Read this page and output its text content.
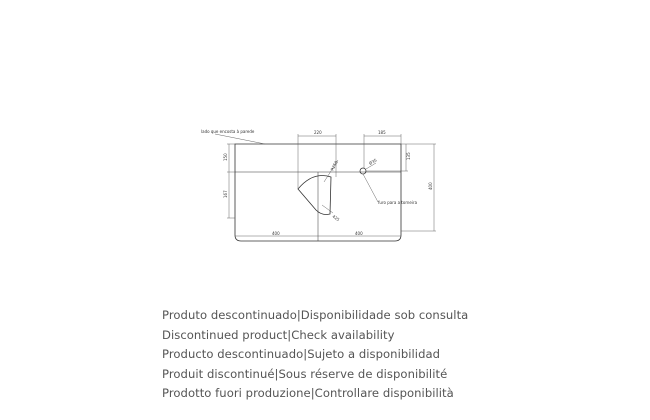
lado que encosta à parede
furo para a torneira
220	185
135
400
150
167
400	400
R250	Ø35
425
Produto descontinuado|Disponibilidade sob consulta
Discontinued product|Check availability
Producto descontinuado|Sujeto a disponibilidad
Produit discontinué|Sous réserve de disponibilité
Prodotto fuori produzione|Controllare disponibilità
